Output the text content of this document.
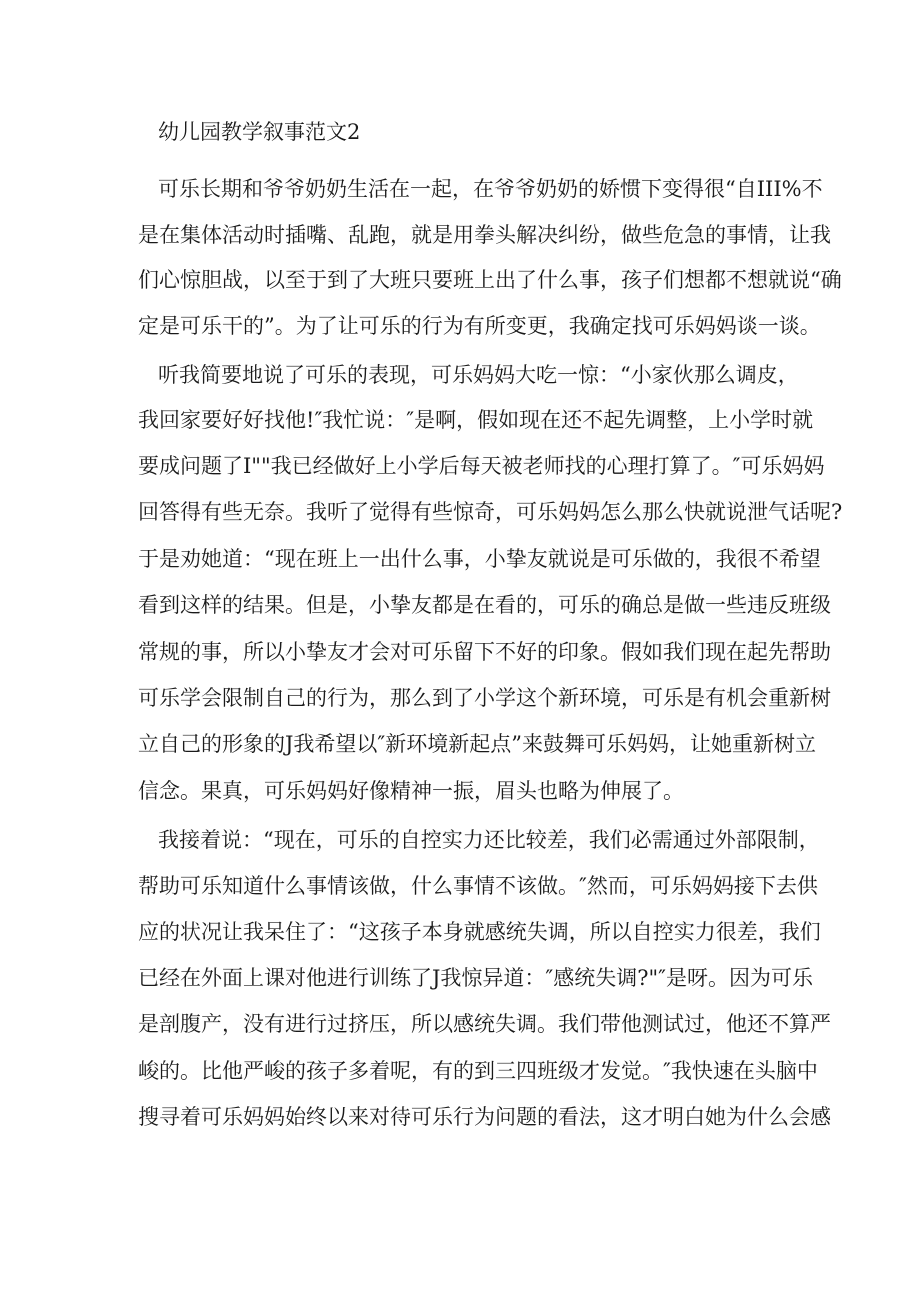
幼儿园教学叙事范文2

可乐长期和爷爷奶奶生活在一起，在爷爷奶奶的娇惯下变得很“自III%不

是在集体活动时插嘴、乱跑，就是用拳头解决纠纷，做些危急的事情，让我

们心惊胆战，以至于到了大班只要班上出了什么事，孩子们想都不想就说“确

定是可乐干的”。为了让可乐的行为有所变更，我确定找可乐妈妈谈一谈。

听我简要地说了可乐的表现，可乐妈妈大吃一惊：“小家伙那么调皮，

我回家要好好找他!″我忙说：″是啊，假如现在还不起先调整，上小学时就

要成问题了I""我已经做好上小学后每天被老师找的心理打算了。″可乐妈妈

回答得有些无奈。我听了觉得有些惊奇，可乐妈妈怎么那么快就说泄气话呢?

于是劝她道：“现在班上一出什么事，小挚友就说是可乐做的，我很不希望

看到这样的结果。但是，小挚友都是在看的，可乐的确总是做一些违反班级

常规的事，所以小挚友才会对可乐留下不好的印象。假如我们现在起先帮助

可乐学会限制自己的行为，那么到了小学这个新环境，可乐是有机会重新树

立自己的形象的J我希望以″新环境新起点”来鼓舞可乐妈妈，让她重新树立

信念。果真，可乐妈妈好像精神一振，眉头也略为伸展了。

我接着说：“现在，可乐的自控实力还比较差，我们必需通过外部限制，

帮助可乐知道什么事情该做，什么事情不该做。″然而，可乐妈妈接下去供

应的状况让我呆住了：“这孩子本身就感统失调，所以自控实力很差，我们

已经在外面上课对他进行训练了J我惊异道：″感统失调?"″是呀。因为可乐

是剖腹产，没有进行过挤压，所以感统失调。我们带他测试过，他还不算严

峻的。比他严峻的孩子多着呢，有的到三四班级才发觉。″我快速在头脑中

搜寻着可乐妈妈始终以来对待可乐行为问题的看法，这才明白她为什么会感
